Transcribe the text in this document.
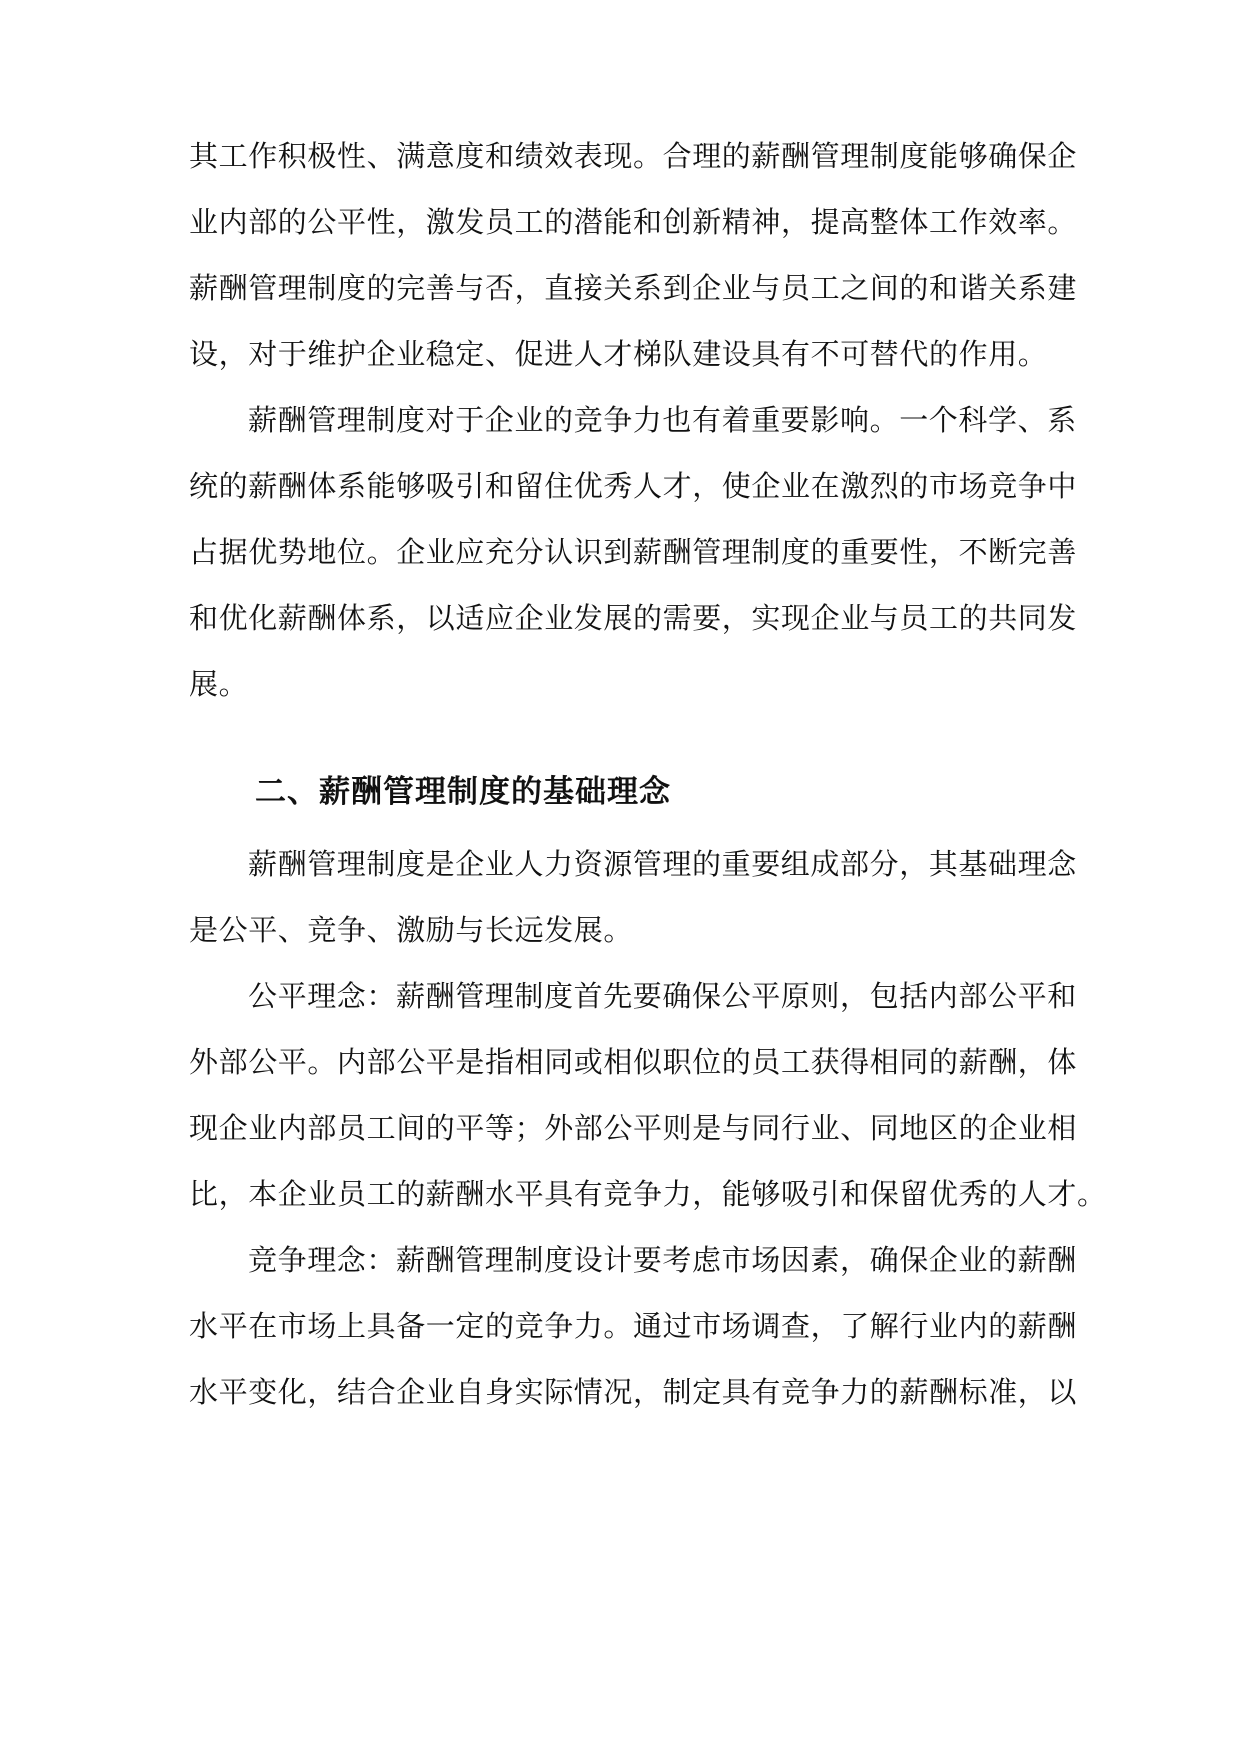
其工作积极性、满意度和绩效表现。合理的薪酬管理制度能够确保企
业内部的公平性，激发员工的潜能和创新精神，提高整体工作效率。
薪酬管理制度的完善与否，直接关系到企业与员工之间的和谐关系建
设，对于维护企业稳定、促进人才梯队建设具有不可替代的作用。
薪酬管理制度对于企业的竞争力也有着重要影响。一个科学、系
统的薪酬体系能够吸引和留住优秀人才，使企业在激烈的市场竞争中
占据优势地位。企业应充分认识到薪酬管理制度的重要性，不断完善
和优化薪酬体系，以适应企业发展的需要，实现企业与员工的共同发
展。
二、薪酬管理制度的基础理念
薪酬管理制度是企业人力资源管理的重要组成部分，其基础理念
是公平、竞争、激励与长远发展。
公平理念：薪酬管理制度首先要确保公平原则，包括内部公平和
外部公平。内部公平是指相同或相似职位的员工获得相同的薪酬，体
现企业内部员工间的平等；外部公平则是与同行业、同地区的企业相
比，本企业员工的薪酬水平具有竞争力，能够吸引和保留优秀的人才。
竞争理念：薪酬管理制度设计要考虑市场因素，确保企业的薪酬
水平在市场上具备一定的竞争力。通过市场调查，了解行业内的薪酬
水平变化，结合企业自身实际情况，制定具有竞争力的薪酬标准，以
